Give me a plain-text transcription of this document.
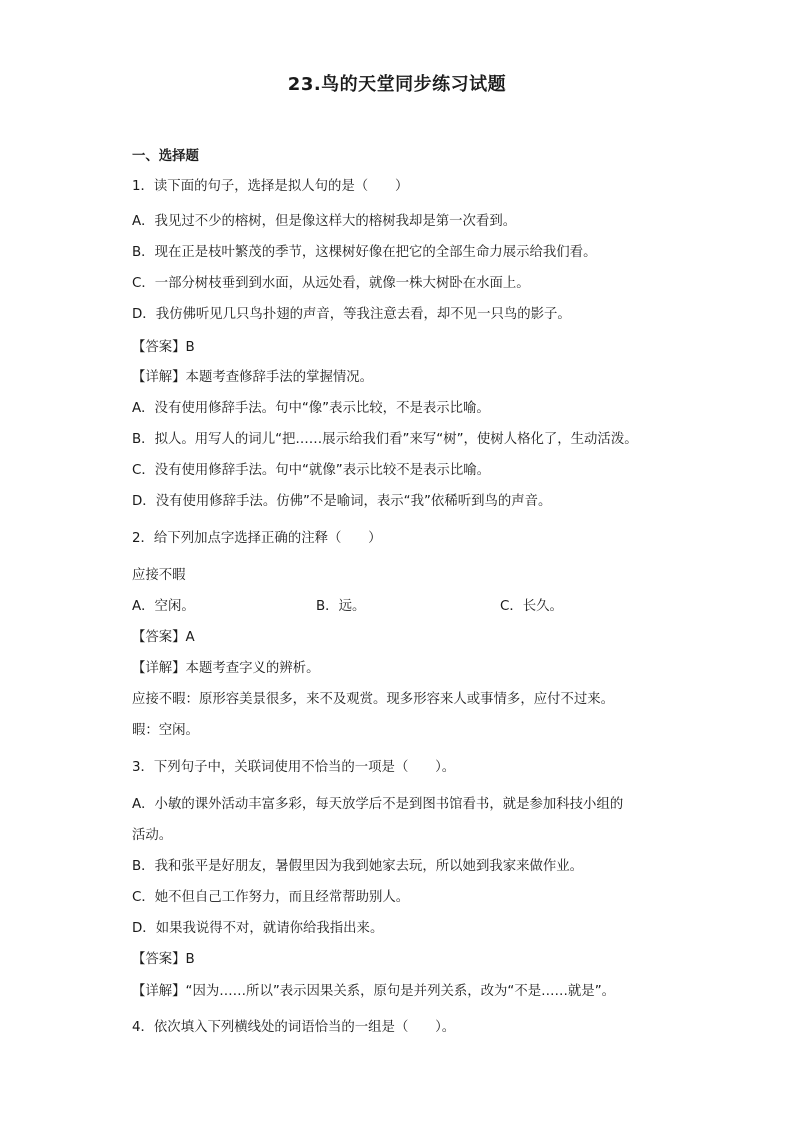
23.鸟的天堂同步练习试题
一、选择题
1．读下面的句子，选择是拟人句的是（　　）
A．我见过不少的榕树，但是像这样大的榕树我却是第一次看到。
B．现在正是枝叶繁茂的季节，这棵树好像在把它的全部生命力展示给我们看。
C．一部分树枝垂到到水面，从远处看，就像一株大树卧在水面上。
D．我仿佛听见几只鸟扑翅的声音，等我注意去看，却不见一只鸟的影子。
【答案】B
【详解】本题考查修辞手法的掌握情况。
A．没有使用修辞手法。句中“像”表示比较，不是表示比喻。
B．拟人。用写人的词儿“把……展示给我们看”来写“树”，使树人格化了，生动活泼。
C．没有使用修辞手法。句中“就像”表示比较不是表示比喻。
D．没有使用修辞手法。仿佛”不是喻词，表示“我”依稀听到鸟的声音。
2．给下列加点字选择正确的注释（　　）
应接不暇
A．空闲。	B．远。	C．长久。
【答案】A
【详解】本题考查字义的辨析。
应接不暇：原形容美景很多，来不及观赏。现多形容来人或事情多，应付不过来。
暇：空闲。
3．下列句子中，关联词使用不恰当的一项是（　　）。
A．小敏的课外活动丰富多彩，每天放学后不是到图书馆看书，就是参加科技小组的
活动。
B．我和张平是好朋友，暑假里因为我到她家去玩，所以她到我家来做作业。
C．她不但自己工作努力，而且经常帮助别人。
D．如果我说得不对，就请你给我指出来。
【答案】B
【详解】“因为……所以”表示因果关系，原句是并列关系，改为“不是……就是”。
4．依次填入下列横线处的词语恰当的一组是（　　）。
